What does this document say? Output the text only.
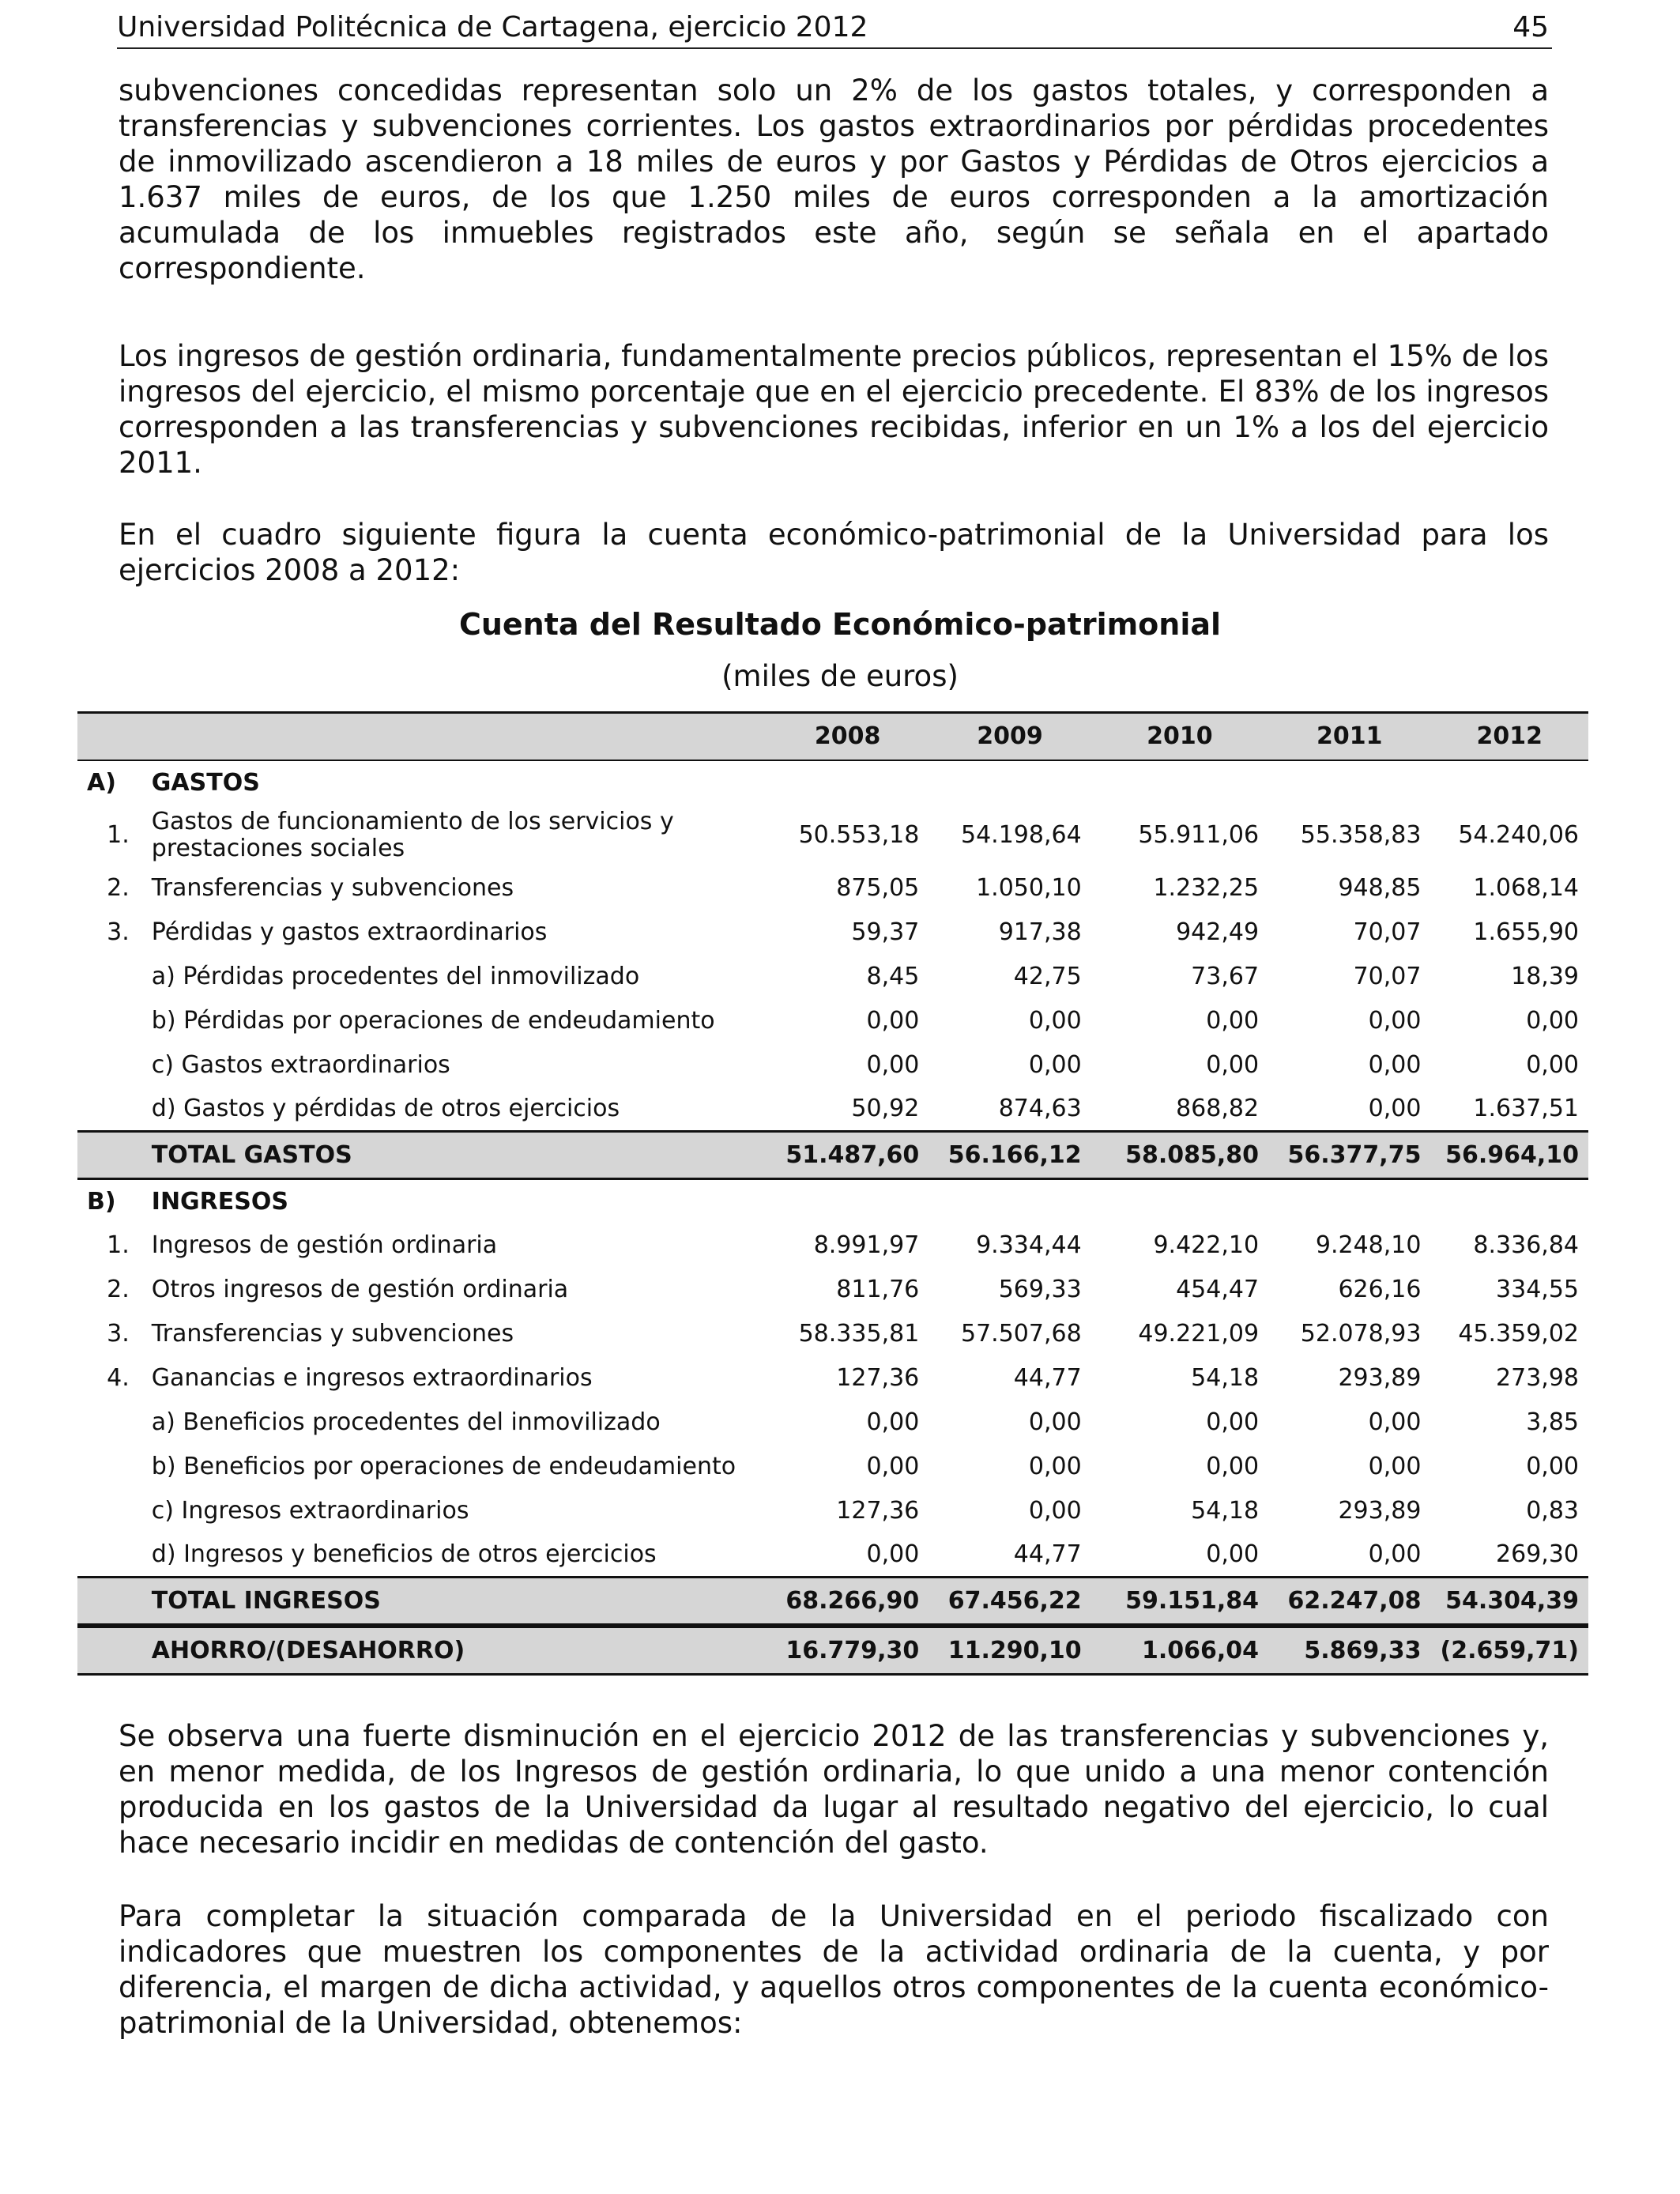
Universidad Politécnica de Cartagena, ejercicio 2012	45

subvenciones concedidas representan solo un 2% de los gastos totales, y corresponden a transferencias y subvenciones corrientes. Los gastos extraordinarios por pérdidas procedentes de inmovilizado ascendieron a 18 miles de euros y por Gastos y Pérdidas de Otros ejercicios a 1.637 miles de euros, de los que 1.250 miles de euros corresponden a la amortización acumulada de los inmuebles registrados este año, según se señala en el apartado correspondiente.

Los ingresos de gestión ordinaria, fundamentalmente precios públicos, representan el 15% de los ingresos del ejercicio, el mismo porcentaje que en el ejercicio precedente. El 83% de los ingresos corresponden a las transferencias y subvenciones recibidas, inferior en un 1% a los del ejercicio 2011.

En el cuadro siguiente figura la cuenta económico-patrimonial de la Universidad para los ejercicios 2008 a 2012:

Cuenta del Resultado Económico-patrimonial
(miles de euros)
		2008	2009	2010	2011	2012
A)	GASTOS					
1.	Gastos de funcionamiento de los servicios y prestaciones sociales	50.553,18	54.198,64	55.911,06	55.358,83	54.240,06
2.	Transferencias y subvenciones	875,05	1.050,10	1.232,25	948,85	1.068,14
3.	Pérdidas y gastos extraordinarios	59,37	917,38	942,49	70,07	1.655,90
	a) Pérdidas procedentes del inmovilizado	8,45	42,75	73,67	70,07	18,39
	b) Pérdidas por operaciones de endeudamiento	0,00	0,00	0,00	0,00	0,00
	c) Gastos extraordinarios	0,00	0,00	0,00	0,00	0,00
	d) Gastos y pérdidas de otros ejercicios	50,92	874,63	868,82	0,00	1.637,51
	TOTAL GASTOS	51.487,60	56.166,12	58.085,80	56.377,75	56.964,10
B)	INGRESOS					
1.	Ingresos de gestión ordinaria	8.991,97	9.334,44	9.422,10	9.248,10	8.336,84
2.	Otros ingresos de gestión ordinaria	811,76	569,33	454,47	626,16	334,55
3.	Transferencias y subvenciones	58.335,81	57.507,68	49.221,09	52.078,93	45.359,02
4.	Ganancias e ingresos extraordinarios	127,36	44,77	54,18	293,89	273,98
	a) Beneficios procedentes del inmovilizado	0,00	0,00	0,00	0,00	3,85
	b) Beneficios por operaciones de endeudamiento	0,00	0,00	0,00	0,00	0,00
	c) Ingresos extraordinarios	127,36	0,00	54,18	293,89	0,83
	d) Ingresos y beneficios de otros ejercicios	0,00	44,77	0,00	0,00	269,30
	TOTAL INGRESOS	68.266,90	67.456,22	59.151,84	62.247,08	54.304,39

	AHORRO/(DESAHORRO)	16.779,30	11.290,10	1.066,04	5.869,33	(2.659,71)

Se observa una fuerte disminución en el ejercicio 2012 de las transferencias y subvenciones y, en menor medida, de los Ingresos de gestión ordinaria, lo que unido a una menor contención producida en los gastos de la Universidad da lugar al resultado negativo del ejercicio, lo cual hace necesario incidir en medidas de contención del gasto.

Para completar la situación comparada de la Universidad en el periodo fiscalizado con indicadores que muestren los componentes de la actividad ordinaria de la cuenta, y por diferencia, el margen de dicha actividad, y aquellos otros componentes de la cuenta económico-patrimonial de la Universidad, obtenemos:
